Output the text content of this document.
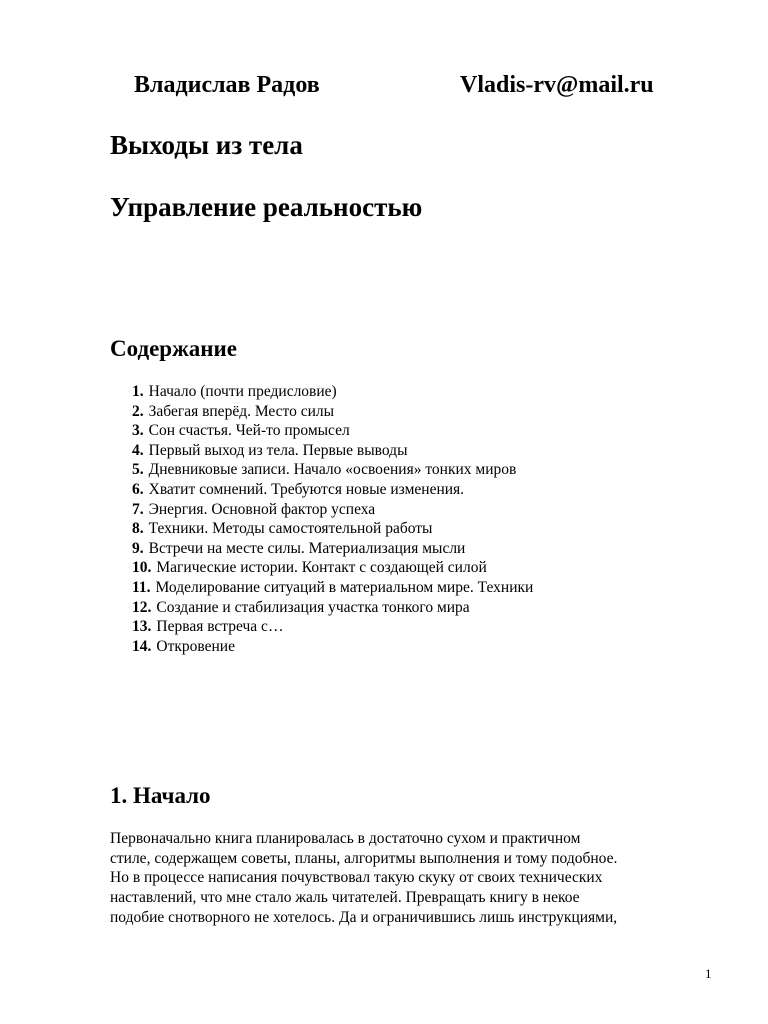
Владислав Радов	Vladis-rv@mail.ru
Выходы из тела
Управление реальностью
Содержание
1. Начало (почти предисловие)
2. Забегая вперёд. Место силы
3. Сон счастья. Чей-то промысел
4. Первый выход из тела. Первые выводы
5. Дневниковые записи. Начало «освоения» тонких миров
6. Хватит сомнений. Требуются новые изменения.
7. Энергия. Основной фактор успеха
8. Техники. Методы самостоятельной работы
9. Встречи на месте силы. Материализация мысли
10. Магические истории. Контакт с создающей силой
11. Моделирование ситуаций в материальном мире. Техники
12. Создание и стабилизация участка тонкого мира
13. Первая встреча с…
14. Откровение
1. Начало

Первоначально книга планировалась в достаточно сухом и практичном
стиле, содержащем советы, планы, алгоритмы выполнения и тому подобное.
Но в процессе написания почувствовал такую скуку от своих технических
наставлений, что мне стало жаль читателей. Превращать книгу в некое
подобие снотворного не хотелось. Да и ограничившись лишь инструкциями,

1
